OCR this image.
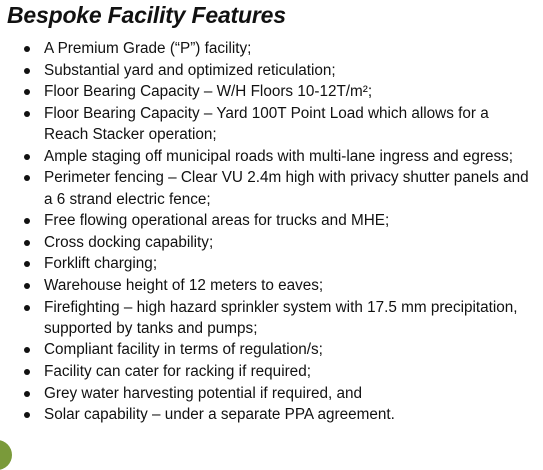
Bespoke Facility Features
A Premium Grade (“P”) facility;
Substantial yard and optimized reticulation;
Floor Bearing Capacity – W/H Floors 10-12T/m²;
Floor Bearing Capacity – Yard 100T Point Load which allows for a Reach Stacker operation;
Ample staging off municipal roads with multi-lane ingress and egress;
Perimeter fencing – Clear VU 2.4m high with privacy shutter panels and a 6 strand electric fence;
Free flowing operational areas for trucks and MHE;
Cross docking capability;
Forklift charging;
Warehouse height of 12 meters to eaves;
Firefighting – high hazard sprinkler system with 17.5 mm precipitation, supported by tanks and pumps;
Compliant facility in terms of regulation/s;
Facility can cater for racking if required;
Grey water harvesting potential if required, and
Solar capability – under a separate PPA agreement.
